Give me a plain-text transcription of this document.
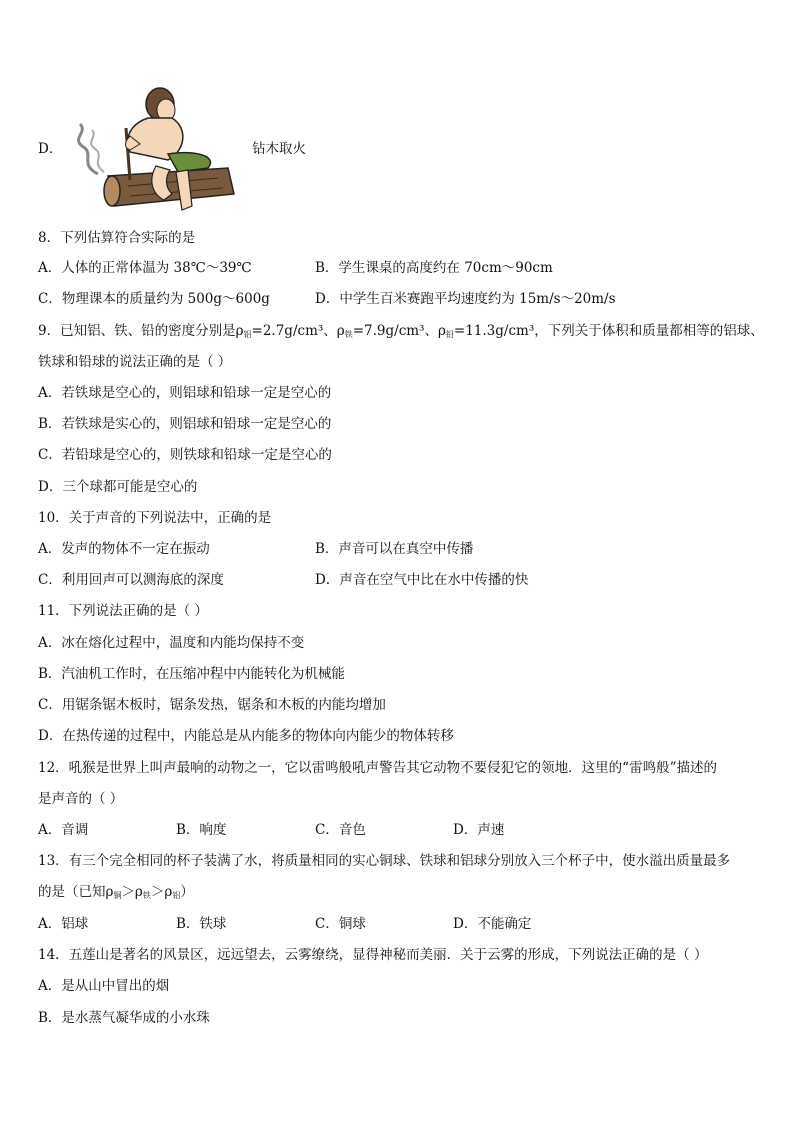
D．	钻木取火
8．下列估算符合实际的是
A．人体的正常体温为 38℃～39℃	B．学生课桌的高度约在 70cm～90cm
C．物理课本的质量约为 500g～600g	D．中学生百米赛跑平均速度约为 15m/s～20m/s
9．已知铝、铁、铅的密度分别是$\rho_铝=2.7g$/cm³、$\rho_铁=7.9g$/cm³、$\rho_铅=11.3g$/cm³，下列关于体积和质量都相等的铝球、
铁球和铅球的说法正确的是（ ）
A．若铁球是空心的，则铝球和铅球一定是空心的
B．若铁球是实心的，则铝球和铅球一定是空心的
C．若铅球是空心的，则铁球和铅球一定是空心的
D．三个球都可能是空心的
10．关于声音的下列说法中，正确的是
A．发声的物体不一定在振动	B．声音可以在真空中传播
C．利用回声可以测海底的深度	D．声音在空气中比在水中传播的快
11．下列说法正确的是（ ）
A．冰在熔化过程中，温度和内能均保持不变
B．汽油机工作时，在压缩冲程中内能转化为机械能
C．用锯条锯木板时，锯条发热，锯条和木板的内能均增加
D．在热传递的过程中，内能总是从内能多的物体向内能少的物体转移
12．吼猴是世界上叫声最响的动物之一，它以雷鸣般吼声警告其它动物不要侵犯它的领地．这里的“雷鸣般”描述的
是声音的（ ）
A．音调	B．响度	C．音色	D．声速
13．有三个完全相同的杯子装满了水，将质量相同的实心铜球、铁球和铝球分别放入三个杯子中，使水溢出质量最多
的是（已知$\rho_铜>\rho_铁>\rho_铝$）
A．铝球	B．铁球	C．铜球	D．不能确定
14．五莲山是著名的风景区，远远望去，云雾缭绕，显得神秘而美丽．关于云雾的形成，下列说法正确的是（ ）
A．是从山中冒出的烟
B．是水蒸气凝华成的小水珠
